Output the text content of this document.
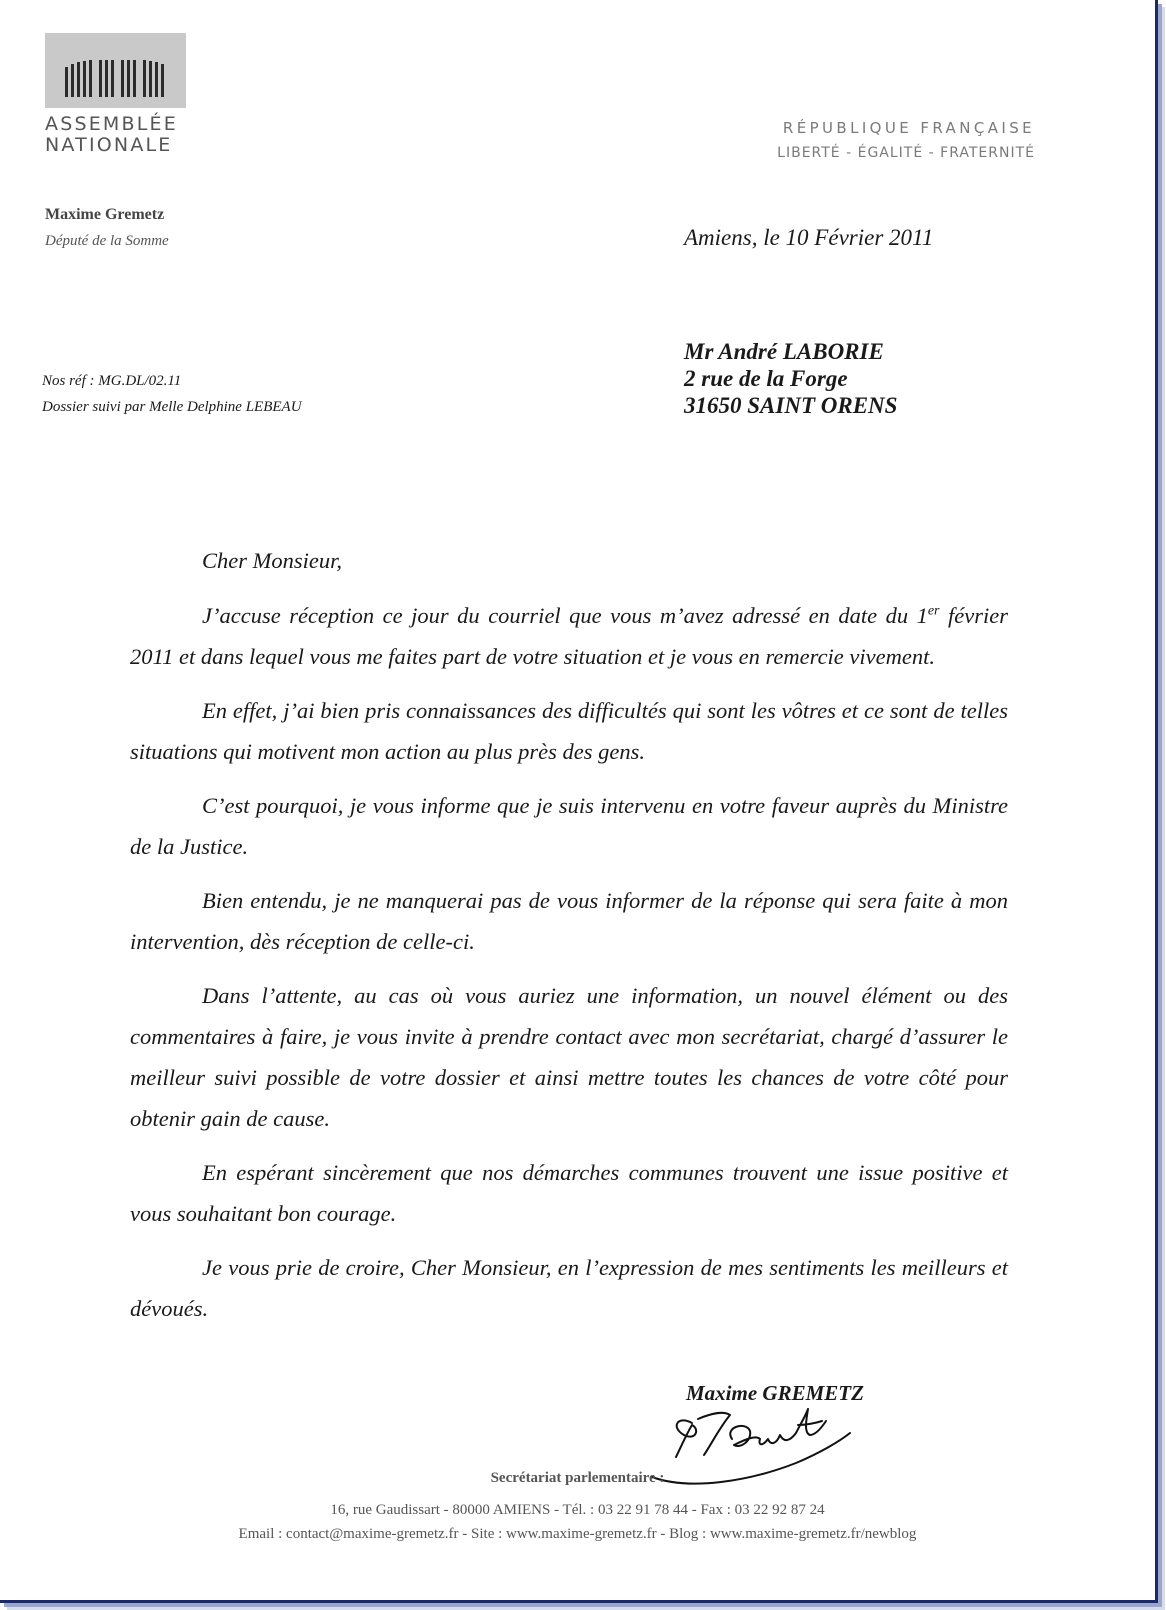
ASSEMBLÉE
NATIONALE
RÉPUBLIQUE FRANÇAISE
LIBERTÉ - ÉGALITÉ - FRATERNITÉ
Maxime Gremetz
Député de la Somme	Amiens, le 10 Février 2011
Nos réf : MG.DL/02.11
Dossier suivi par Melle Delphine LEBEAU
Mr André LABORIE
2 rue de la Forge
31650 SAINT ORENS

Cher Monsieur,

J’accuse réception ce jour du courriel que vous m’avez adressé en date du 1er février 2011 et dans lequel vous me faites part de votre situation et je vous en remercie vivement.

En effet, j’ai bien pris connaissances des difficultés qui sont les vôtres et ce sont de telles situations qui motivent mon action au plus près des gens.

C’est pourquoi, je vous informe que je suis intervenu en votre faveur auprès du Ministre de la Justice.

Bien entendu, je ne manquerai pas de vous informer de la réponse qui sera faite à mon intervention, dès réception de celle-ci.

Dans l’attente, au cas où vous auriez une information, un nouvel élément ou des commentaires à faire, je vous invite à prendre contact avec mon secrétariat, chargé d’assurer le meilleur suivi possible de votre dossier et ainsi mettre toutes les chances de votre côté pour obtenir gain de cause.

En espérant sincèrement que nos démarches communes trouvent une issue positive et vous souhaitant bon courage.

Je vous prie de croire, Cher Monsieur, en l’expression de mes sentiments les meilleurs et dévoués.

Maxime GREMETZ
Secrétariat parlementaire :
16, rue Gaudissart - 80000 AMIENS - Tél. : 03 22 91 78 44 - Fax : 03 22 92 87 24
Email : contact@maxime-gremetz.fr - Site : www.maxime-gremetz.fr - Blog : www.maxime-gremetz.fr/newblog
